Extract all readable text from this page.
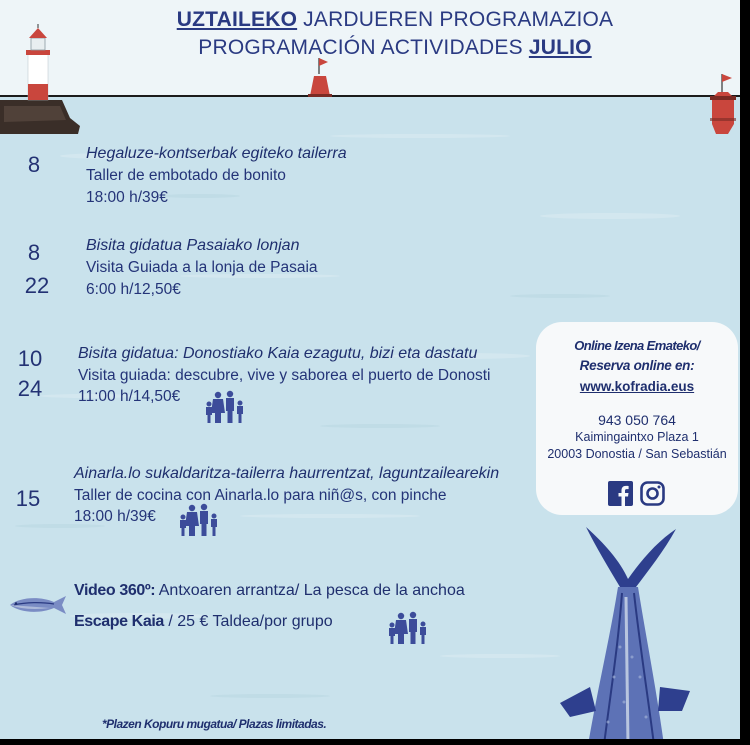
UZTAILEKO JARDUEREN PROGRAMAZIOA
PROGRAMACIÓN ACTIVIDADES JULIO
8	Hegaluze-kontserbak egiteko tailerra
Taller de embotado de bonito
18:00 h/39€
8
22
Bisita gidatua Pasaiako lonjan
Visita Guiada a la lonja de Pasaia
6:00 h/12,50€
10
24
Bisita gidatua: Donostiako Kaia ezagutu, bizi eta dastatu
Visita guiada: descubre, vive y saborea el puerto de Donosti
11:00 h/14,50€
15
Ainarla.lo sukaldaritza-tailerra haurrentzat, laguntzailearekin
Taller de cocina con Ainarla.lo para niñ@s, con pinche
18:00 h/39€
Online Izena Emateko/
Reserva online en:
www.kofradia.eus
943 050 764
Kaimingaintxo Plaza 1
20003 Donostia / San Sebastián
Video 360º: Antxoaren arrantza/ La pesca de la anchoa
Escape Kaia / 25 € Taldea/por grupo
*Plazen Kopuru mugatua/ Plazas limitadas.
